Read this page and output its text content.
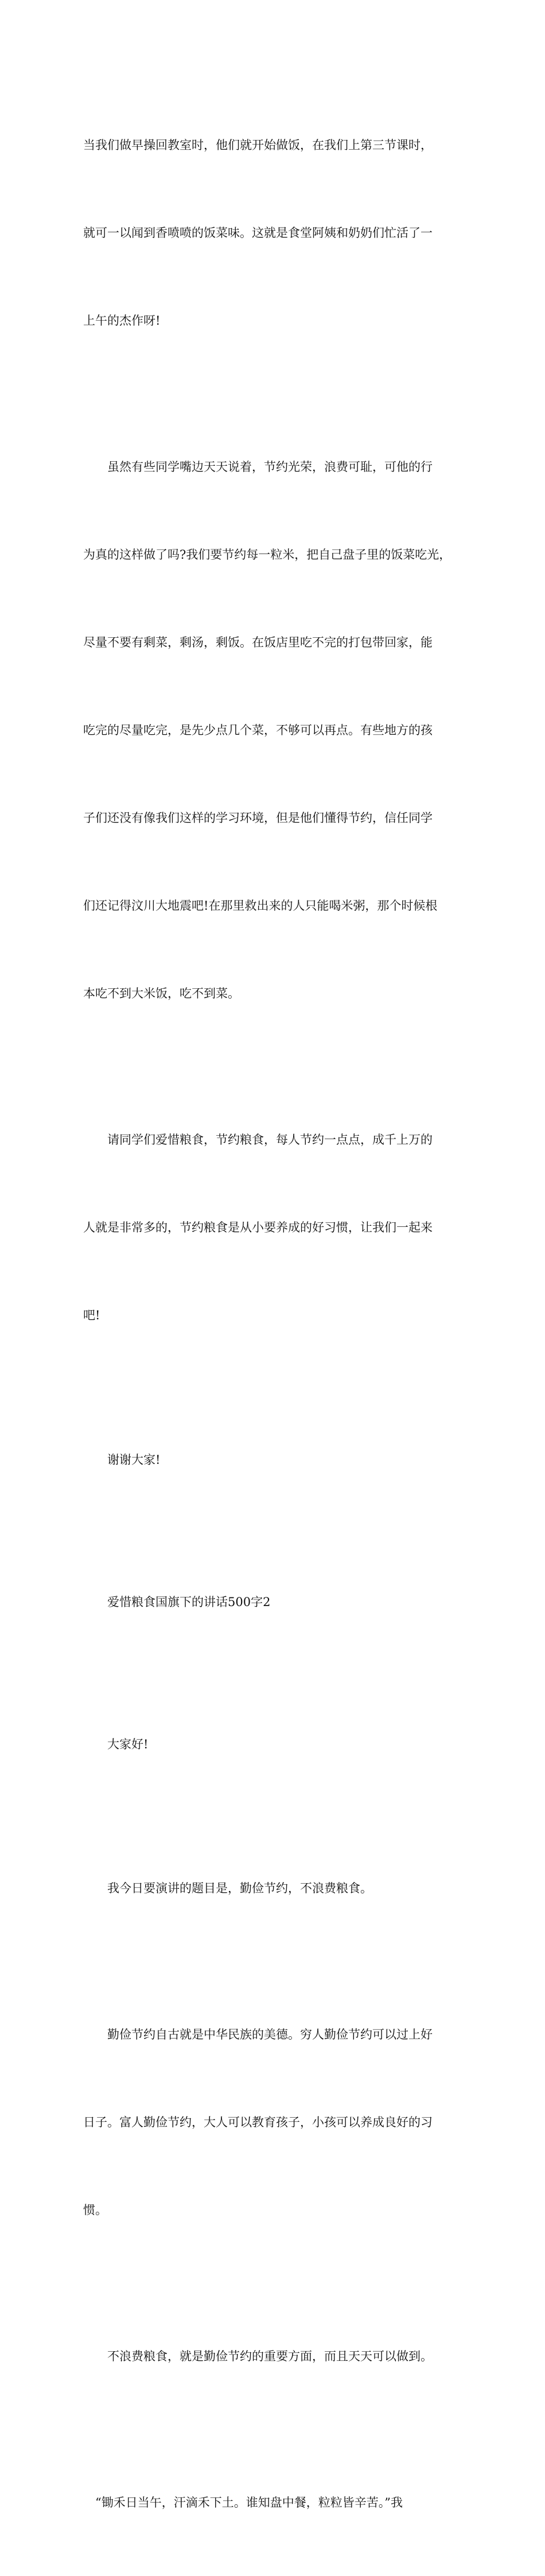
当我们做早操回教室时，他们就开始做饭，在我们上第三节课时，

就可一以闻到香喷喷的饭菜味。这就是食堂阿姨和奶奶们忙活了一

上午的杰作呀!

　　虽然有些同学嘴边天天说着，节约光荣，浪费可耻，可他的行

为真的这样做了吗?我们要节约每一粒米，把自己盘子里的饭菜吃光，

尽量不要有剩菜，剩汤，剩饭。在饭店里吃不完的打包带回家，能

吃完的尽量吃完，是先少点几个菜，不够可以再点。有些地方的孩

子们还没有像我们这样的学习环境，但是他们懂得节约，信任同学

们还记得汶川大地震吧!在那里救出来的人只能喝米粥，那个时候根

本吃不到大米饭，吃不到菜。

　　请同学们爱惜粮食，节约粮食，每人节约一点点，成千上万的

人就是非常多的，节约粮食是从小要养成的好习惯，让我们一起来

吧!

　　谢谢大家!

　　爱惜粮食国旗下的讲话500字2

　　大家好!

　　我今日要演讲的题目是，勤俭节约，不浪费粮食。

　　勤俭节约自古就是中华民族的美德。穷人勤俭节约可以过上好

日子。富人勤俭节约，大人可以教育孩子，小孩可以养成良好的习

惯。

　　不浪费粮食，就是勤俭节约的重要方面，而且天天可以做到。

　“锄禾日当午，汗滴禾下土。谁知盘中餐，粒粒皆辛苦。”我
